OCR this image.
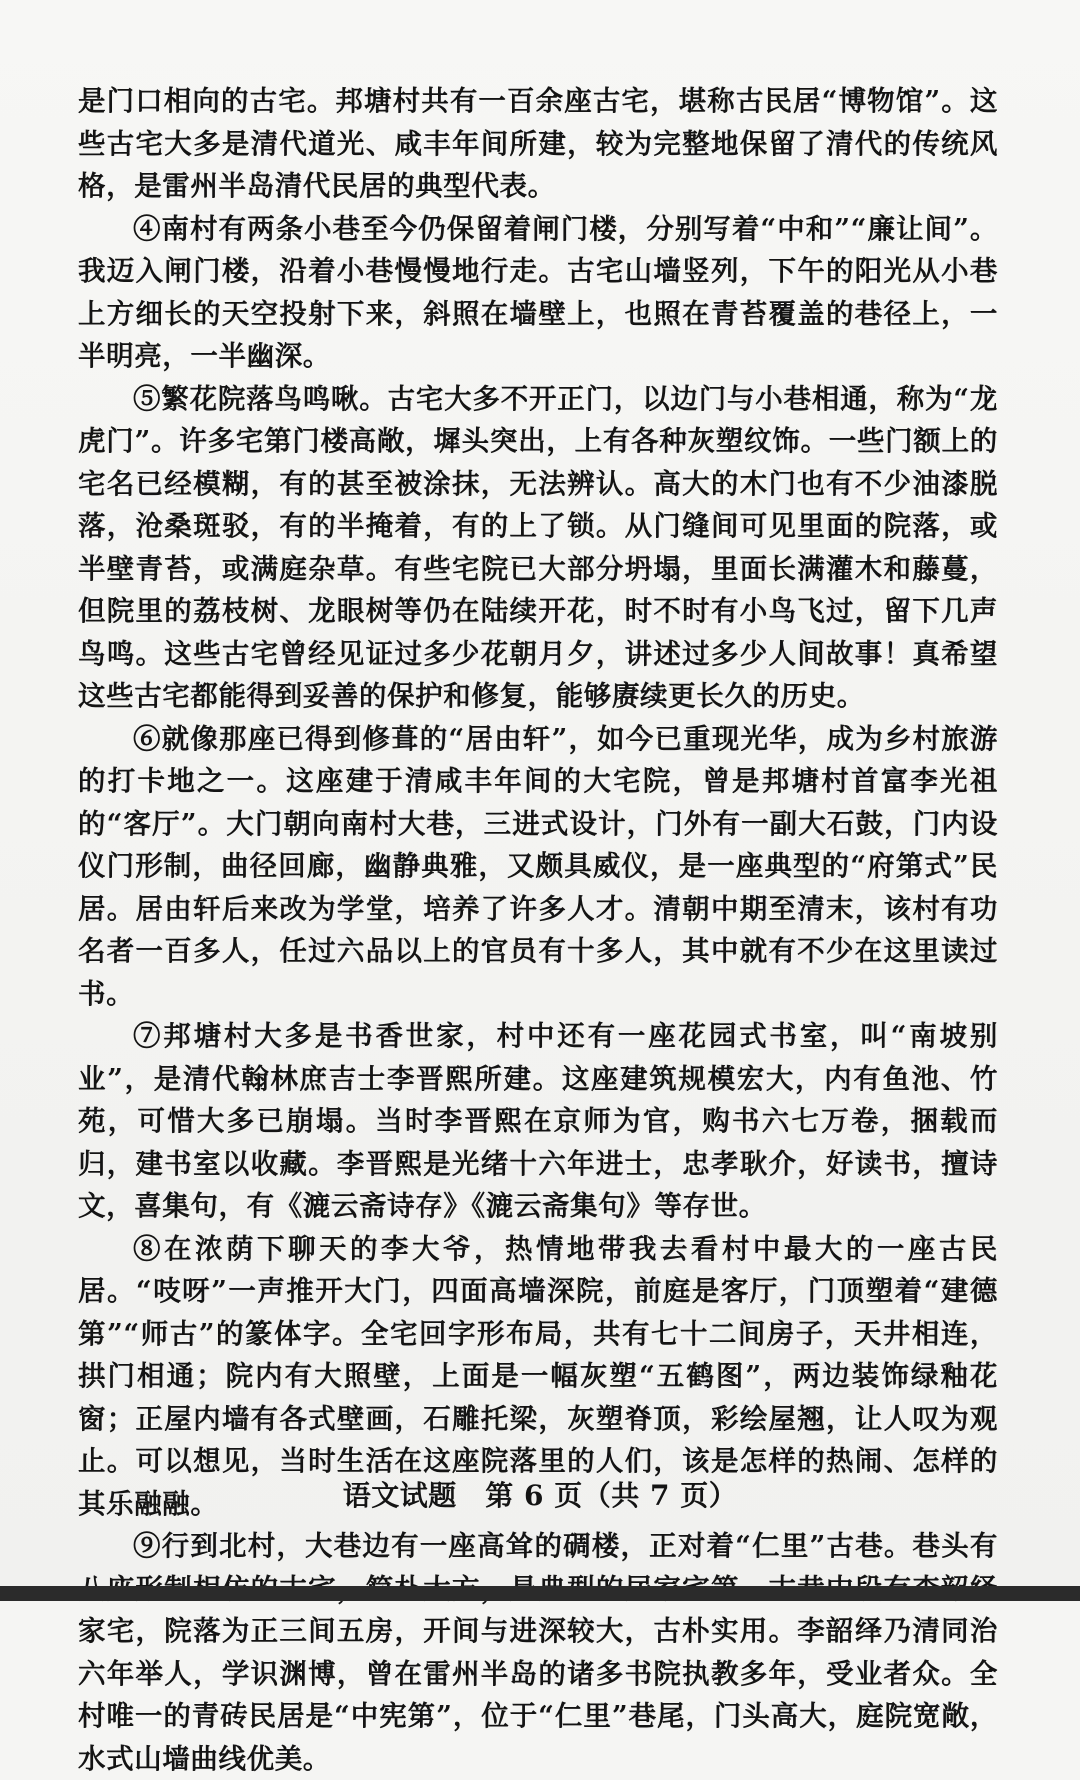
是门口相向的古宅。邦塘村共有一百余座古宅，堪称古民居“博物馆”。这些古宅大多是清代道光、咸丰年间所建，较为完整地保留了清代的传统风格，是雷州半岛清代民居的典型代表。

④南村有两条小巷至今仍保留着闸门楼，分别写着“中和”“廉让间”。我迈入闸门楼，沿着小巷慢慢地行走。古宅山墙竖列，下午的阳光从小巷上方细长的天空投射下来，斜照在墙壁上，也照在青苔覆盖的巷径上，一半明亮，一半幽深。

⑤繁花院落鸟鸣啾。古宅大多不开正门，以边门与小巷相通，称为“龙虎门”。许多宅第门楼高敞，墀头突出，上有各种灰塑纹饰。一些门额上的宅名已经模糊，有的甚至被涂抹，无法辨认。高大的木门也有不少油漆脱落，沧桑斑驳，有的半掩着，有的上了锁。从门缝间可见里面的院落，或半壁青苔，或满庭杂草。有些宅院已大部分坍塌，里面长满灌木和藤蔓，但院里的荔枝树、龙眼树等仍在陆续开花，时不时有小鸟飞过，留下几声鸟鸣。这些古宅曾经见证过多少花朝月夕，讲述过多少人间故事！真希望这些古宅都能得到妥善的保护和修复，能够赓续更长久的历史。

⑥就像那座已得到修葺的“居由轩”，如今已重现光华，成为乡村旅游的打卡地之一。这座建于清咸丰年间的大宅院，曾是邦塘村首富李光祖的“客厅”。大门朝向南村大巷，三进式设计，门外有一副大石鼓，门内设仪门形制，曲径回廊，幽静典雅，又颇具威仪，是一座典型的“府第式”民居。居由轩后来改为学堂，培养了许多人才。清朝中期至清末，该村有功名者一百多人，任过六品以上的官员有十多人，其中就有不少在这里读过书。

⑦邦塘村大多是书香世家，村中还有一座花园式书室，叫“南坡别业”，是清代翰林庶吉士李晋熙所建。这座建筑规模宏大，内有鱼池、竹苑，可惜大多已崩塌。当时李晋熙在京师为官，购书六七万卷，捆载而归，建书室以收藏。李晋熙是光绪十六年进士，忠孝耿介，好读书，擅诗文，喜集句，有《漉云斋诗存》《漉云斋集句》等存世。

⑧在浓荫下聊天的李大爷，热情地带我去看村中最大的一座古民居。“吱呀”一声推开大门，四面高墙深院，前庭是客厅，门顶塑着“建德第”“师古”的篆体字。全宅回字形布局，共有七十二间房子，天井相连，拱门相通；院内有大照壁，上面是一幅灰塑“五鹤图”，两边装饰绿釉花窗；正屋内墙有各式壁画，石雕托梁，灰塑脊顶，彩绘屋翘，让人叹为观止。可以想见，当时生活在这座院落里的人们，该是怎样的热闹、怎样的其乐融融。

⑨行到北村，大巷边有一座高耸的碉楼，正对着“仁里”古巷。巷头有 家宅，院落为正三间五房，开间与进深较大，古朴实用。李韶绎乃清同治六年举人，学识渊博，曾在雷州半岛的诸多书院执教多年，受业者众。全村唯一的青砖民居是“中宪第”，位于“仁里”巷尾，门头高大，庭院宽敞，水式山墙曲线优美。

语文试题　第 6 页（共 7 页）
